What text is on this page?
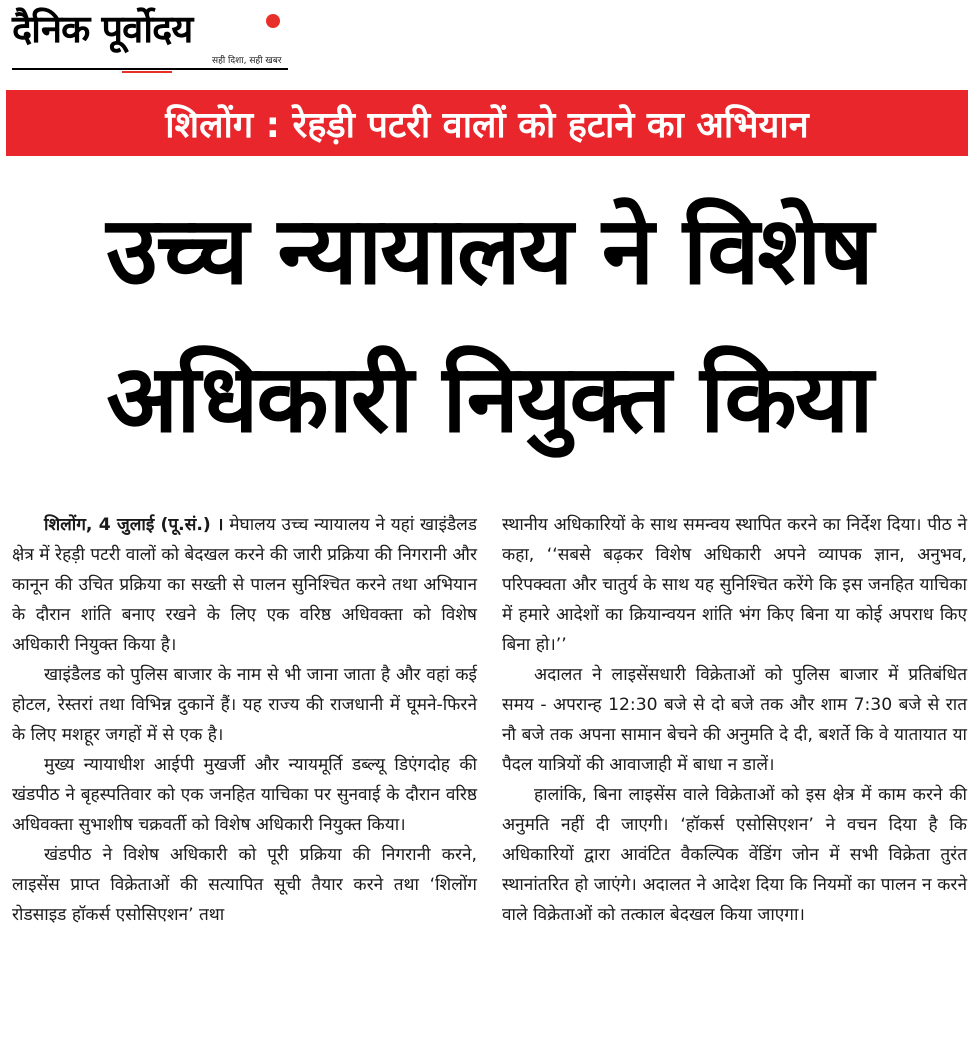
दैनिक पूर्वोदय
सही दिशा, सही खबर
शिलोंग : रेहड़ी पटरी वालों को हटाने का अभियान
उच्च न्यायालय ने विशेष
अधिकारी नियुक्त किया

शिलोंग, 4 जुलाई (पू.सं.) । मेघालय उच्च न्यायालय ने यहां खाइंडैलड क्षेत्र में रेहड़ी पटरी वालों को बेदखल करने की जारी प्रक्रिया की निगरानी और कानून की उचित प्रक्रिया का सख्ती से पालन सुनिश्चित करने तथा अभियान के दौरान शांति बनाए रखने के लिए एक वरिष्ठ अधिवक्ता को विशेष अधिकारी नियुक्त किया है।

खाइंडैलड को पुलिस बाजार के नाम से भी जाना जाता है और वहां कई होटल, रेस्तरां तथा विभिन्न दुकानें हैं। यह राज्य की राजधानी में घूमने-फिरने के लिए मशहूर जगहों में से एक है।

मुख्य न्यायाधीश आईपी मुखर्जी और न्यायमूर्ति डब्ल्यू डिएंगदोह की खंडपीठ ने बृहस्पतिवार को एक जनहित याचिका पर सुनवाई के दौरान वरिष्ठ अधिवक्ता सुभाशीष चक्रवर्ती को विशेष अधिकारी नियुक्त किया।

खंडपीठ ने विशेष अधिकारी को पूरी प्रक्रिया की निगरानी करने, लाइसेंस प्राप्त विक्रेताओं की सत्यापित सूची तैयार करने तथा ‘शिलोंग रोडसाइड हॉकर्स एसोसिएशन’ तथा

स्थानीय अधिकारियों के साथ समन्वय स्थापित करने का निर्देश दिया। पीठ ने कहा, ‘‘सबसे बढ़कर विशेष अधिकारी अपने व्यापक ज्ञान, अनुभव, परिपक्वता और चातुर्य के साथ यह सुनिश्चित करेंगे कि इस जनहित याचिका में हमारे आदेशों का क्रियान्वयन शांति भंग किए बिना या कोई अपराध किए बिना हो।’’

अदालत ने लाइसेंसधारी विक्रेताओं को पुलिस बाजार में प्रतिबंधित समय - अपरान्ह 12:30 बजे से दो बजे तक और शाम 7:30 बजे से रात नौ बजे तक अपना सामान बेचने की अनुमति दे दी, बशर्ते कि वे यातायात या पैदल यात्रियों की आवाजाही में बाधा न डालें।

हालांकि, बिना लाइसेंस वाले विक्रेताओं को इस क्षेत्र में काम करने की अनुमति नहीं दी जाएगी। ‘हॉकर्स एसोसिएशन’ ने वचन दिया है कि अधिकारियों द्वारा आवंटित वैकल्पिक वेंडिंग जोन में सभी विक्रेता तुरंत स्थानांतरित हो जाएंगे। अदालत ने आदेश दिया कि नियमों का पालन न करने वाले विक्रेताओं को तत्काल बेदखल किया जाएगा।
